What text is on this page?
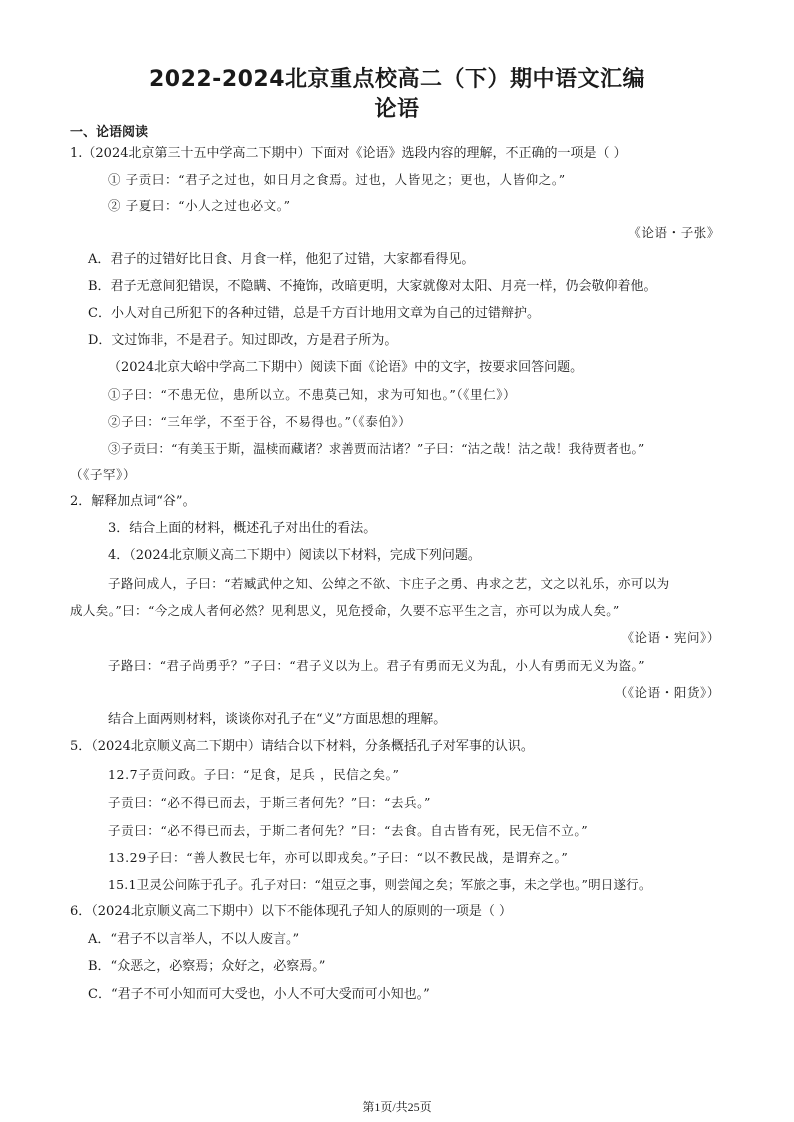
2022-2024北京重点校高二（下）期中语文汇编
论语
一、论语阅读
1.（2024北京第三十五中学高二下期中）下面对《论语》选段内容的理解，不正确的一项是（ ）
① 子贡曰：“君子之过也，如日月之食焉。过也，人皆见之；更也，人皆仰之。”
② 子夏曰：“小人之过也必文。”
《论语・子张》
A．君子的过错好比日食、月食一样，他犯了过错，大家都看得见。
B．君子无意间犯错误，不隐瞒、不掩饰，改暗更明，大家就像对太阳、月亮一样，仍会敬仰着他。
C．小人对自己所犯下的各种过错，总是千方百计地用文章为自己的过错辩护。
D．文过饰非，不是君子。知过即改，方是君子所为。
（2024北京大峪中学高二下期中）阅读下面《论语》中的文字，按要求回答问题。
①子曰：“不患无位，患所以立。不患莫己知，求为可知也。”（《里仁》）
②子曰：“三年学，不至于谷，不易得也。”（《泰伯》）
③子贡曰：“有美玉于斯，温椟而藏诸？求善贾而沽诸？”子曰：“沽之哉！沽之哉！我待贾者也。”
（《子罕》）
2．解释加点词“谷”。
3．结合上面的材料，概述孔子对出仕的看法。
4．（2024北京顺义高二下期中）阅读以下材料，完成下列问题。
子路问成人，子曰：“若臧武仲之知、公绰之不欲、卞庄子之勇、冉求之艺，文之以礼乐，亦可以为
成人矣。”曰：“今之成人者何必然？见利思义，见危授命，久要不忘平生之言，亦可以为成人矣。”
《论语・宪问》）
子路曰：“君子尚勇乎？”子曰：“君子义以为上。君子有勇而无义为乱，小人有勇而无义为盗。”
（《论语・阳货》）
结合上面两则材料，谈谈你对孔子在“义”方面思想的理解。
5．（2024北京顺义高二下期中）请结合以下材料，分条概括孔子对军事的认识。
12.7子贡问政。子曰：“足食，足兵 ，民信之矣。”
子贡曰：“必不得已而去，于斯三者何先？”曰：“去兵。”
子贡曰：“必不得已而去，于斯二者何先？”曰：“去食。自古皆有死，民无信不立。”
13.29子曰：“善人教民七年，亦可以即戎矣。”子曰：“以不教民战，是谓弃之。”
15.1卫灵公问陈于孔子。孔子对曰：“俎豆之事，则尝闻之矣；军旅之事，未之学也。”明日遂行。
6．（2024北京顺义高二下期中）以下不能体现孔子知人的原则的一项是（ ）
A．“君子不以言举人，不以人废言。”
B．“众恶之，必察焉；众好之，必察焉。”
C．“君子不可小知而可大受也，小人不可大受而可小知也。”
第1页/共25页
